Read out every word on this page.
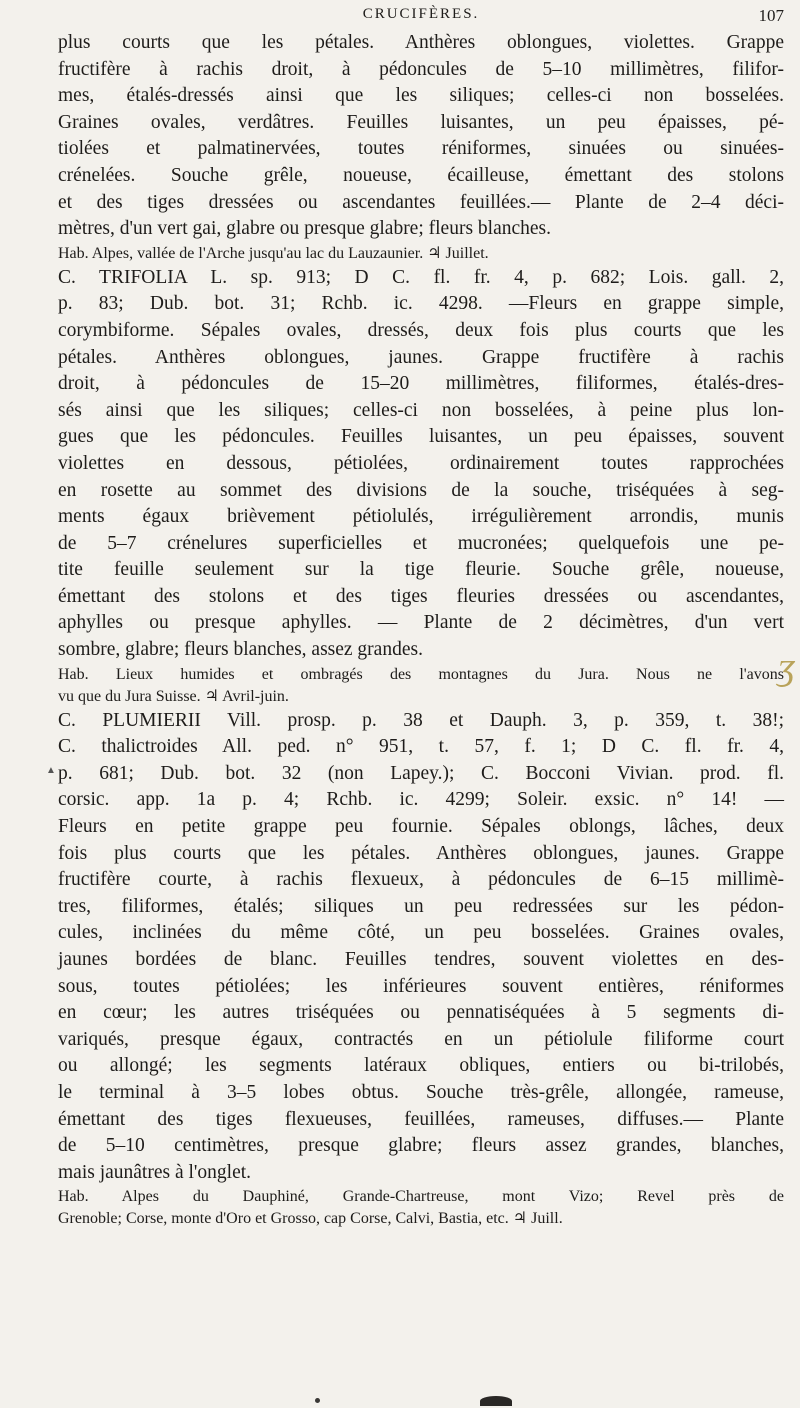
CRUCIFÈRES.	107

plus courts que les pétales. Anthères oblongues, violettes. Grappe
fructifère à rachis droit, à pédoncules de 5–10 millimètres, filifor-
mes, étalés-dressés ainsi que les siliques; celles-ci non bosselées.
Graines ovales, verdâtres. Feuilles luisantes, un peu épaisses, pé-
tiolées et palmatinervées, toutes réniformes, sinuées ou sinuées-
crénelées. Souche grêle, noueuse, écailleuse, émettant des stolons
et des tiges dressées ou ascendantes feuillées.— Plante de 2–4 déci-
mètres, d'un vert gai, glabre ou presque glabre; fleurs blanches.

Hab. Alpes, vallée de l'Arche jusqu'au lac du Lauzaunier. ♃ Juillet.

C. TRIFOLIA L. sp. 913; D C. fl. fr. 4, p. 682; Lois. gall. 2,
p. 83; Dub. bot. 31; Rchb. ic. 4298. —Fleurs en grappe simple,
corymbiforme. Sépales ovales, dressés, deux fois plus courts que les
pétales. Anthères oblongues, jaunes. Grappe fructifère à rachis
droit, à pédoncules de 15–20 millimètres, filiformes, étalés-dres-
sés ainsi que les siliques; celles-ci non bosselées, à peine plus lon-
gues que les pédoncules. Feuilles luisantes, un peu épaisses, souvent
violettes en dessous, pétiolées, ordinairement toutes rapprochées
en rosette au sommet des divisions de la souche, triséquées à seg-
ments égaux brièvement pétiolulés, irrégulièrement arrondis, munis
de 5–7 crénelures superficielles et mucronées; quelquefois une pe-
tite feuille seulement sur la tige fleurie. Souche grêle, noueuse,
émettant des stolons et des tiges fleuries dressées ou ascendantes,
aphylles ou presque aphylles. — Plante de 2 décimètres, d'un vert
sombre, glabre; fleurs blanches, assez grandes.

Hab. Lieux humides et ombragés des montagnes du Jura. Nous ne l'avons
vu que du Jura Suisse. ♃ Avril-juin.

C. PLUMIERII Vill. prosp. p. 38 et Dauph. 3, p. 359, t. 38!;
C. thalictroides All. ped. n° 951, t. 57, f. 1; D C. fl. fr. 4,
p. 681; Dub. bot. 32 (non Lapey.); C. Bocconi Vivian. prod. fl.
corsic. app. 1a p. 4; Rchb. ic. 4299; Soleir. exsic. n° 14! —
Fleurs en petite grappe peu fournie. Sépales oblongs, lâches, deux
fois plus courts que les pétales. Anthères oblongues, jaunes. Grappe
fructifère courte, à rachis flexueux, à pédoncules de 6–15 millimè-
tres, filiformes, étalés; siliques un peu redressées sur les pédon-
cules, inclinées du même côté, un peu bosselées. Graines ovales,
jaunes bordées de blanc. Feuilles tendres, souvent violettes en des-
sous, toutes pétiolées; les inférieures souvent entières, réniformes
en cœur; les autres triséquées ou pennatiséquées à 5 segments di-
variqués, presque égaux, contractés en un pétiolule filiforme court
ou allongé; les segments latéraux obliques, entiers ou bi-trilobés,
le terminal à 3–5 lobes obtus. Souche très-grêle, allongée, rameuse,
émettant des tiges flexueuses, feuillées, rameuses, diffuses.— Plante
de 5–10 centimètres, presque glabre; fleurs assez grandes, blanches,
mais jaunâtres à l'onglet.

Hab. Alpes du Dauphiné, Grande-Chartreuse, mont Vizo; Revel près de
Grenoble; Corse, monte d'Oro et Grosso, cap Corse, Calvi, Bastia, etc. ♃ Juill.

ʒ
▲
